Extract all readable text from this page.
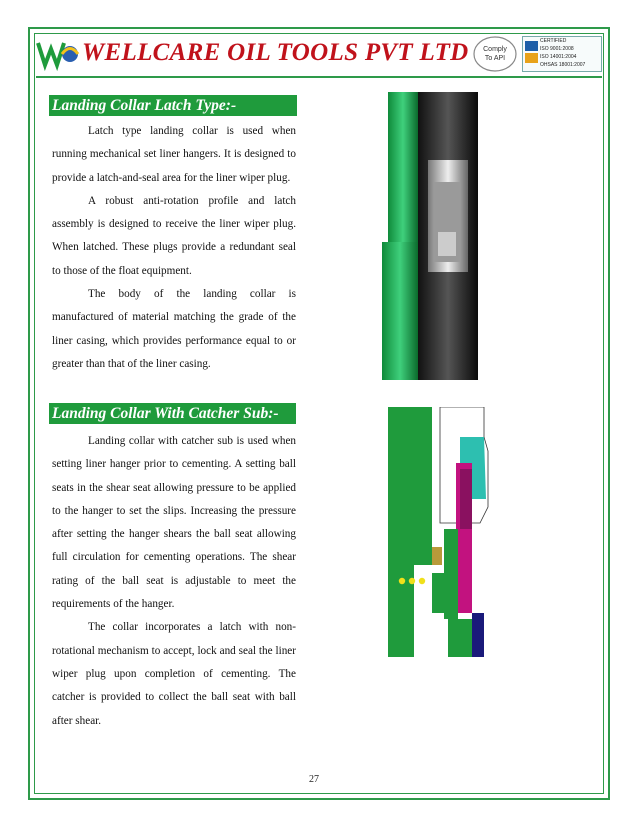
WELLCARE OIL TOOLS PVT LTD Comply
To API
CERTIFIED
ISO 9001:2008
ISO 14001:2004
OHSAS 18001:2007
Landing Collar Latch Type:-

Latch type landing collar is used when running mechanical set liner hangers. It is designed to provide a latch-and-seal area for the liner wiper plug.

A robust anti-rotation profile and latch assembly is designed to receive the liner wiper plug. When latched. These plugs provide a redundant seal to those of the float equipment.

The body of the landing collar is manufactured of material matching the grade of the liner casing, which provides performance equal to or greater than that of the liner casing.

Landing Collar With Catcher Sub:-

Landing collar with catcher sub is used when setting liner hanger prior to cementing. A setting ball seats in the shear seat allowing pressure to be applied to the hanger to set the slips. Increasing the pressure after setting the hanger shears the ball seat allowing full circulation for cementing operations. The shear rating of the ball seat is adjustable to meet the requirements of the hanger.

The collar incorporates a latch with non-rotational mechanism to accept, lock and seal the liner wiper plug upon completion of cementing. The catcher is provided to collect the ball seat with ball after shear.

27
